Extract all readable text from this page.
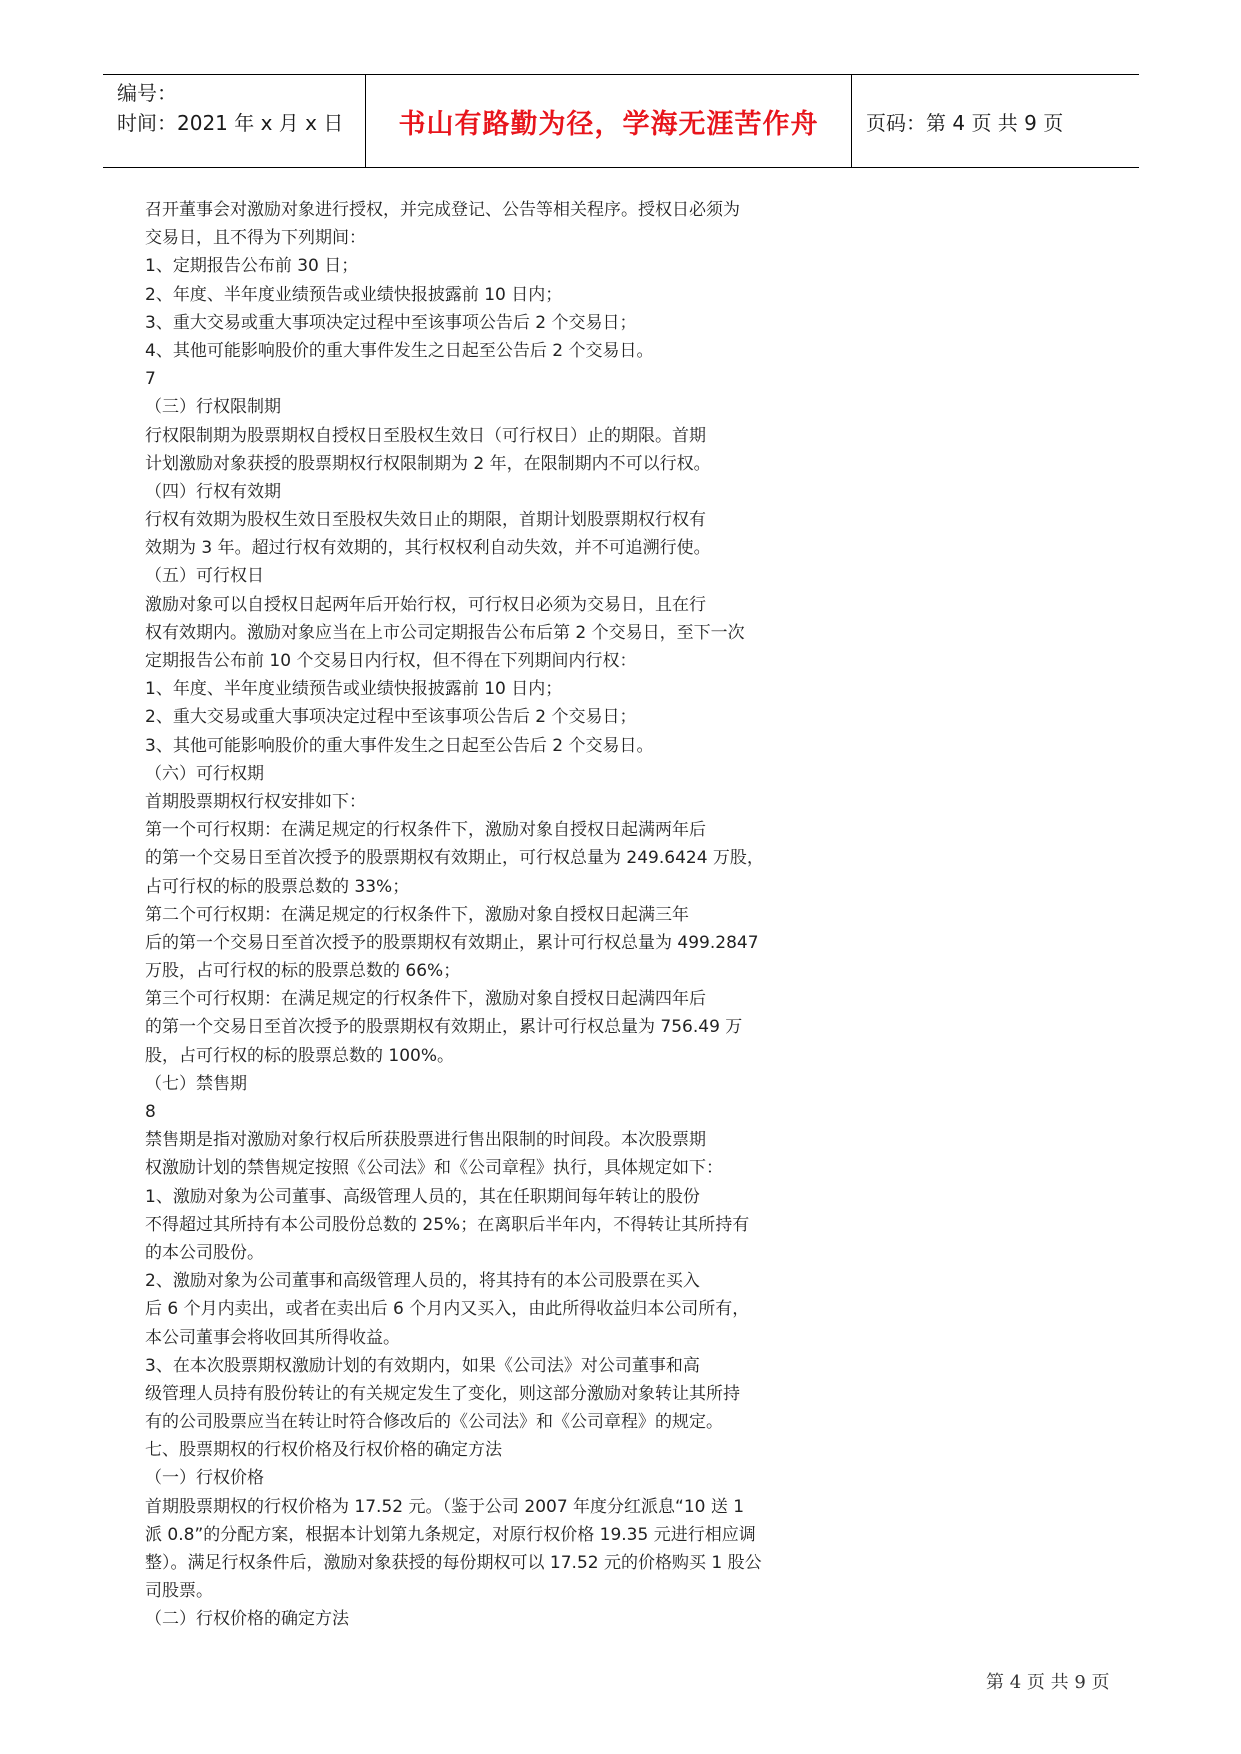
编号：
时间：2021 年 x 月 x 日	书山有路勤为径，学海无涯苦作舟	页码：第 4 页 共 9 页
召开董事会对激励对象进行授权，并完成登记、公告等相关程序。授权日必须为
交易日，且不得为下列期间：
1、定期报告公布前 30 日；
2、年度、半年度业绩预告或业绩快报披露前 10 日内；
3、重大交易或重大事项决定过程中至该事项公告后 2 个交易日；
4、其他可能影响股价的重大事件发生之日起至公告后 2 个交易日。
7
（三）行权限制期
行权限制期为股票期权自授权日至股权生效日（可行权日）止的期限。首期
计划激励对象获授的股票期权行权限制期为 2 年，在限制期内不可以行权。
（四）行权有效期
行权有效期为股权生效日至股权失效日止的期限，首期计划股票期权行权有
效期为 3 年。超过行权有效期的，其行权权利自动失效，并不可追溯行使。
（五）可行权日
激励对象可以自授权日起两年后开始行权，可行权日必须为交易日，且在行
权有效期内。激励对象应当在上市公司定期报告公布后第 2 个交易日，至下一次
定期报告公布前 10 个交易日内行权，但不得在下列期间内行权：
1、年度、半年度业绩预告或业绩快报披露前 10 日内；
2、重大交易或重大事项决定过程中至该事项公告后 2 个交易日；
3、其他可能影响股价的重大事件发生之日起至公告后 2 个交易日。
（六）可行权期
首期股票期权行权安排如下：
第一个可行权期：在满足规定的行权条件下，激励对象自授权日起满两年后
的第一个交易日至首次授予的股票期权有效期止，可行权总量为 249.6424 万股，
占可行权的标的股票总数的 33%；
第二个可行权期：在满足规定的行权条件下，激励对象自授权日起满三年
后的第一个交易日至首次授予的股票期权有效期止，累计可行权总量为 499.2847
万股，占可行权的标的股票总数的 66%；
第三个可行权期：在满足规定的行权条件下，激励对象自授权日起满四年后
的第一个交易日至首次授予的股票期权有效期止，累计可行权总量为 756.49 万
股，占可行权的标的股票总数的 100%。
（七）禁售期
8
禁售期是指对激励对象行权后所获股票进行售出限制的时间段。本次股票期
权激励计划的禁售规定按照《公司法》和《公司章程》执行，具体规定如下：
1、激励对象为公司董事、高级管理人员的，其在任职期间每年转让的股份
不得超过其所持有本公司股份总数的 25%；在离职后半年内，不得转让其所持有
的本公司股份。
2、激励对象为公司董事和高级管理人员的，将其持有的本公司股票在买入
后 6 个月内卖出，或者在卖出后 6 个月内又买入，由此所得收益归本公司所有，
本公司董事会将收回其所得收益。
3、在本次股票期权激励计划的有效期内，如果《公司法》对公司董事和高
级管理人员持有股份转让的有关规定发生了变化，则这部分激励对象转让其所持
有的公司股票应当在转让时符合修改后的《公司法》和《公司章程》的规定。
七、股票期权的行权价格及行权价格的确定方法
（一）行权价格
首期股票期权的行权价格为 17.52 元。（鉴于公司 2007 年度分红派息“10 送 1
派 0.8”的分配方案，根据本计划第九条规定，对原行权价格 19.35 元进行相应调
整）。满足行权条件后，激励对象获授的每份期权可以 17.52 元的价格购买 1 股公
司股票。
（二）行权价格的确定方法
第 4 页 共 9 页
